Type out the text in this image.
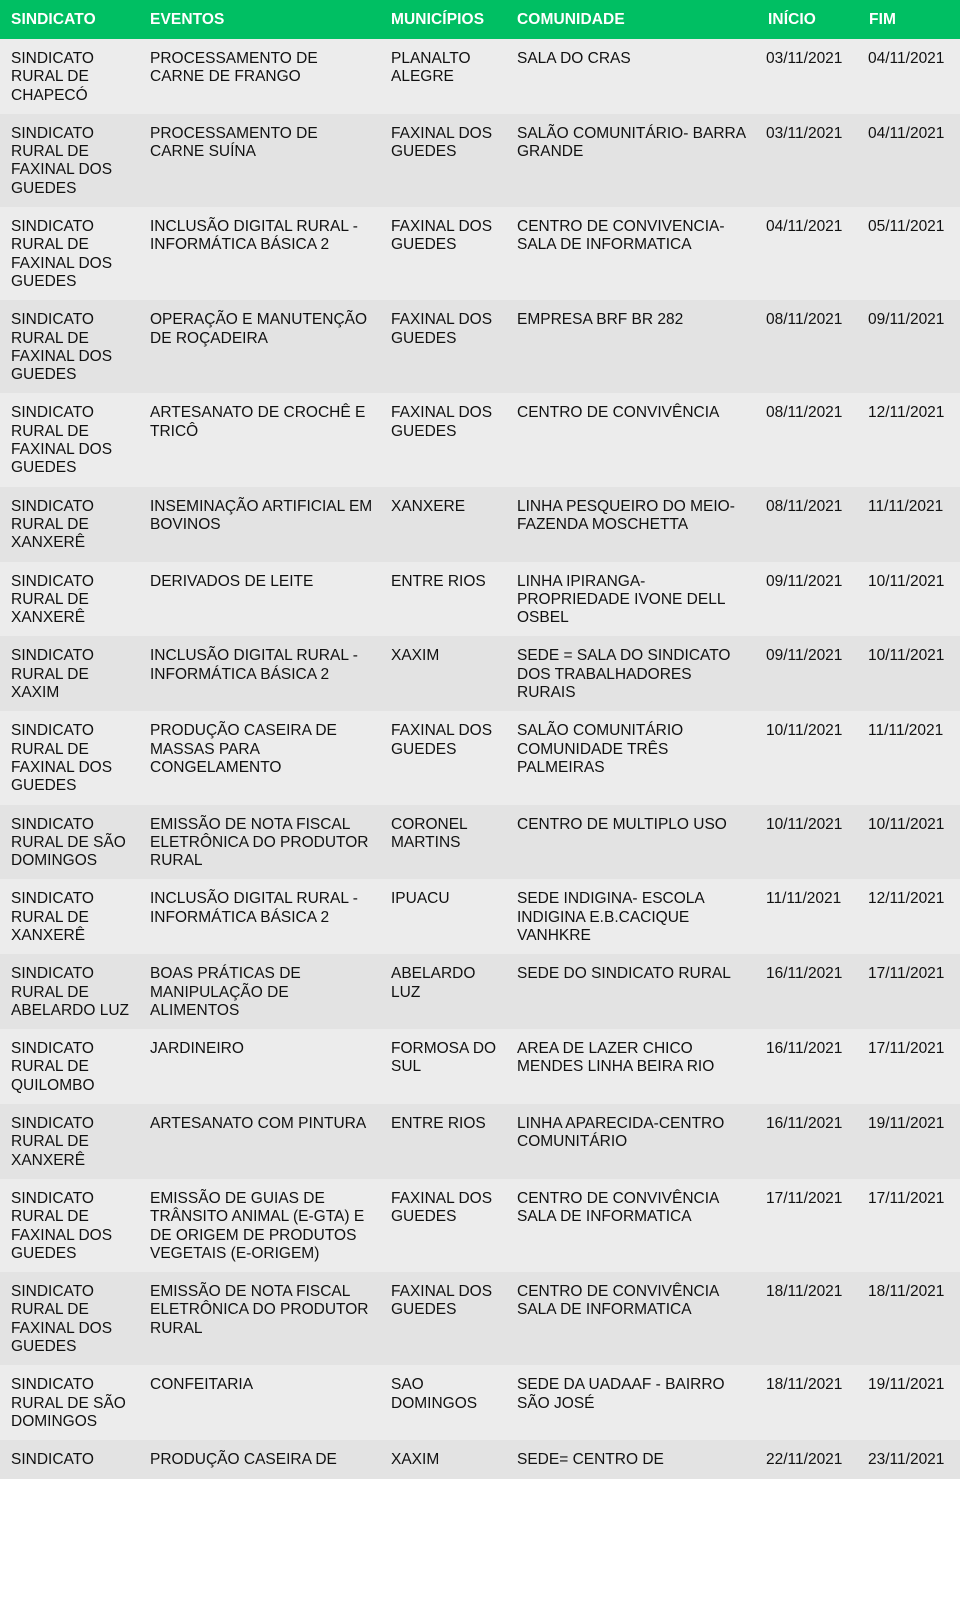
SINDICATO	EVENTOS	MUNICÍPIOS	COMUNIDADE	INÍCIO	FIM
SINDICATO RURAL DE CHAPECÓ	PROCESSAMENTO DE CARNE DE FRANGO	PLANALTO ALEGRE	SALA DO CRAS	03/11/2021	04/11/2021
SINDICATO RURAL DE FAXINAL DOS GUEDES	PROCESSAMENTO DE CARNE SUÍNA	FAXINAL DOS GUEDES	SALÃO COMUNITÁRIO- BARRA GRANDE	03/11/2021	04/11/2021
SINDICATO RURAL DE FAXINAL DOS GUEDES	INCLUSÃO DIGITAL RURAL - INFORMÁTICA BÁSICA 2	FAXINAL DOS GUEDES	CENTRO DE CONVIVENCIA- SALA DE INFORMATICA	04/11/2021	05/11/2021
SINDICATO RURAL DE FAXINAL DOS GUEDES	OPERAÇÃO E MANUTENÇÃO DE ROÇADEIRA	FAXINAL DOS GUEDES	EMPRESA BRF BR 282	08/11/2021	09/11/2021
SINDICATO RURAL DE FAXINAL DOS GUEDES	ARTESANATO DE CROCHÊ E TRICÔ	FAXINAL DOS GUEDES	CENTRO DE CONVIVÊNCIA	08/11/2021	12/11/2021
SINDICATO RURAL DE XANXERÊ	INSEMINAÇÃO ARTIFICIAL EM BOVINOS	XANXERE	LINHA PESQUEIRO DO MEIO- FAZENDA MOSCHETTA	08/11/2021	11/11/2021
SINDICATO RURAL DE XANXERÊ	DERIVADOS DE LEITE	ENTRE RIOS	LINHA IPIRANGA- PROPRIEDADE IVONE DELL OSBEL	09/11/2021	10/11/2021
SINDICATO RURAL DE XAXIM	INCLUSÃO DIGITAL RURAL - INFORMÁTICA BÁSICA 2	XAXIM	SEDE = SALA DO SINDICATO DOS TRABALHADORES RURAIS	09/11/2021	10/11/2021
SINDICATO RURAL DE FAXINAL DOS GUEDES	PRODUÇÃO CASEIRA DE MASSAS PARA CONGELAMENTO	FAXINAL DOS GUEDES	SALÃO COMUNITÁRIO COMUNIDADE TRÊS PALMEIRAS	10/11/2021	11/11/2021
SINDICATO RURAL DE SÃO DOMINGOS	EMISSÃO DE NOTA FISCAL ELETRÔNICA DO PRODUTOR RURAL	CORONEL MARTINS	CENTRO DE MULTIPLO USO	10/11/2021	10/11/2021
SINDICATO RURAL DE XANXERÊ	INCLUSÃO DIGITAL RURAL - INFORMÁTICA BÁSICA 2	IPUACU	SEDE INDIGINA- ESCOLA INDIGINA E.B.CACIQUE VANHKRE	11/11/2021	12/11/2021
SINDICATO RURAL DE ABELARDO LUZ	BOAS PRÁTICAS DE MANIPULAÇÃO DE ALIMENTOS	ABELARDO LUZ	SEDE DO SINDICATO RURAL	16/11/2021	17/11/2021
SINDICATO RURAL DE QUILOMBO	JARDINEIRO	FORMOSA DO SUL	AREA DE LAZER CHICO MENDES LINHA BEIRA RIO	16/11/2021	17/11/2021
SINDICATO RURAL DE XANXERÊ	ARTESANATO COM PINTURA	ENTRE RIOS	LINHA APARECIDA-CENTRO COMUNITÁRIO	16/11/2021	19/11/2021
SINDICATO RURAL DE FAXINAL DOS GUEDES	EMISSÃO DE GUIAS DE TRÂNSITO ANIMAL (E-GTA) E DE ORIGEM DE PRODUTOS VEGETAIS (E-ORIGEM)	FAXINAL DOS GUEDES	CENTRO DE CONVIVÊNCIA SALA DE INFORMATICA	17/11/2021	17/11/2021
SINDICATO RURAL DE FAXINAL DOS GUEDES	EMISSÃO DE NOTA FISCAL ELETRÔNICA DO PRODUTOR RURAL	FAXINAL DOS GUEDES	CENTRO DE CONVIVÊNCIA SALA DE INFORMATICA	18/11/2021	18/11/2021
SINDICATO RURAL DE SÃO DOMINGOS	CONFEITARIA	SAO DOMINGOS	SEDE DA UADAAF - BAIRRO SÃO JOSÉ	18/11/2021	19/11/2021
SINDICATO	PRODUÇÃO CASEIRA DE	XAXIM	SEDE= CENTRO DE	22/11/2021	23/11/2021
